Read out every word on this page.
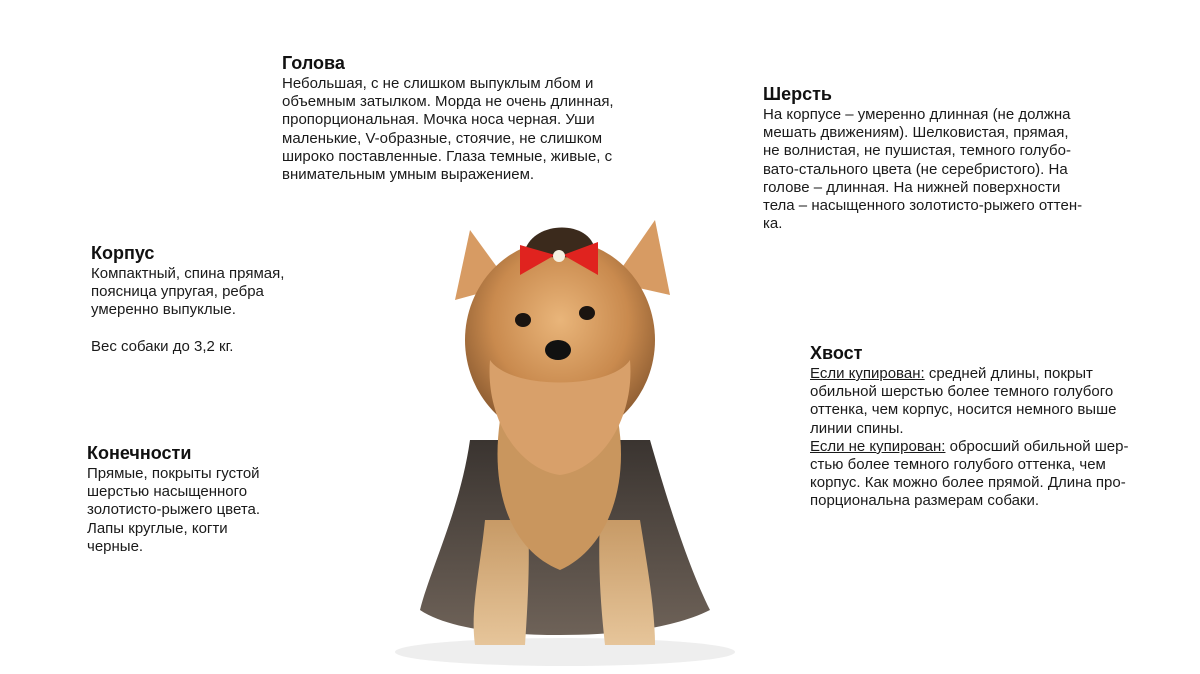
Голова

Небольшая, с не слишком выпуклым лбом и
объемным затылком. Морда не очень длинная,
пропорциональная. Мочка носа черная. Уши
маленькие, V-образные, стоячие, не слишком
широко поставленные. Глаза темные, живые, с
внимательным умным выражением.

Шерсть

На корпусе – умеренно длинная (не должна
мешать движениям). Шелковистая, прямая,
не волнистая, не пушистая, темного голубо-
вато-стального цвета (не серебристого). На
голове – длинная. На нижней поверхности
тела – насыщенного золотисто-рыжего оттен-
ка.

Корпус

Компактный, спина прямая,
поясница упругая, ребра
умеренно выпуклые.

Вес собаки до 3,2 кг.

Конечности

Прямые, покрыты густой
шерстью насыщенного
золотисто-рыжего цвета.
Лапы круглые, когти
черные.

Хвост

Если купирован: средней длины, покрыт
обильной шерстью более темного голубого
оттенка, чем корпус, носится немного выше
линии спины.
Если не купирован: обросший обильной шер-
стью более темного голубого оттенка, чем
корпус. Как можно более прямой. Длина про-
порциональна размерам собаки.
